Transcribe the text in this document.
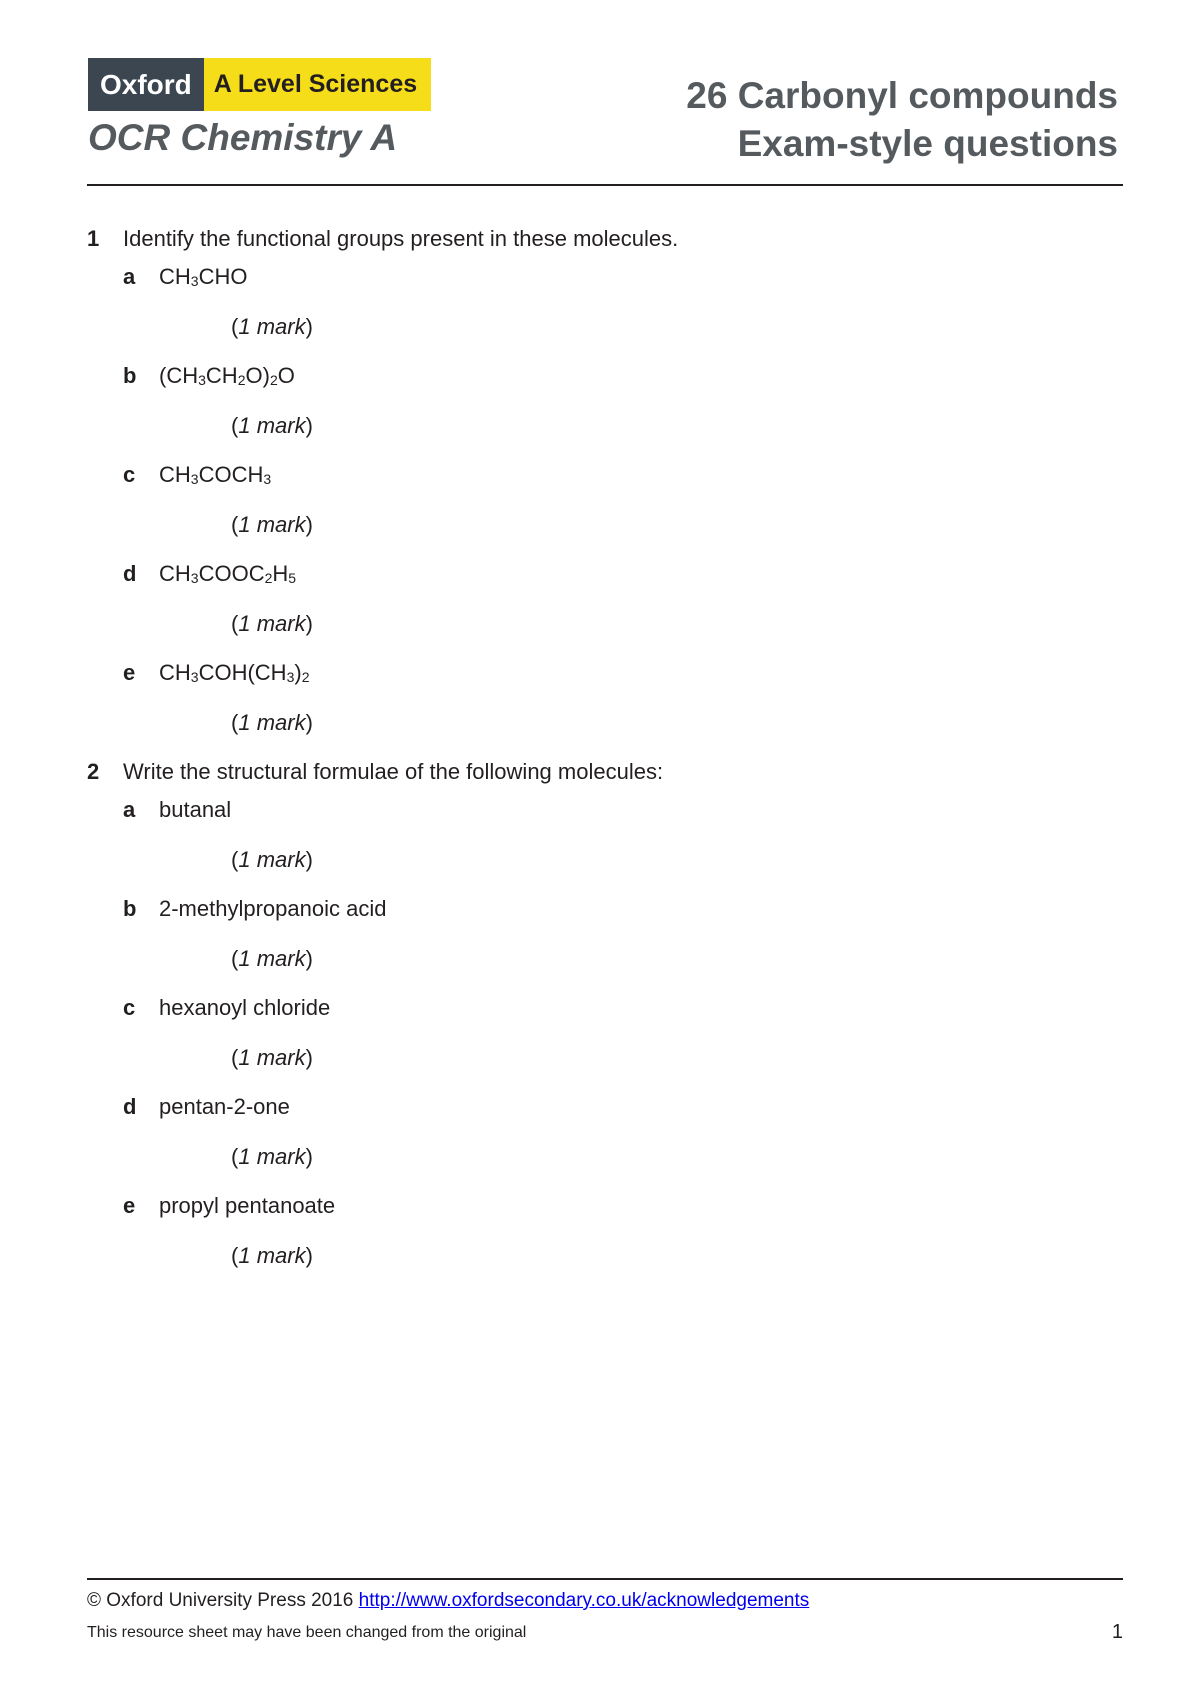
Oxford A Level Sciences
OCR Chemistry A
26 Carbonyl compounds
Exam-style questions
1	Identify the functional groups present in these molecules.
a	$CH_3CHO$
(1 mark)
b	$(CH_3CH_2O)_2O$
(1 mark)
c	$CH_3COCH_3$
(1 mark)
d	$CH_3COOC_2H_5$
(1 mark)
e	$CH_3COH(CH_3)_2$
(1 mark)
2	Write the structural formulae of the following molecules:
a	butanal
(1 mark)
b	2-methylpropanoic acid
(1 mark)
c	hexanoyl chloride
(1 mark)
d	pentan-2-one
(1 mark)
e	propyl pentanoate
(1 mark)
© Oxford University Press 2016 http://www.oxfordsecondary.co.uk/acknowledgements
This resource sheet may have been changed from the original	1
